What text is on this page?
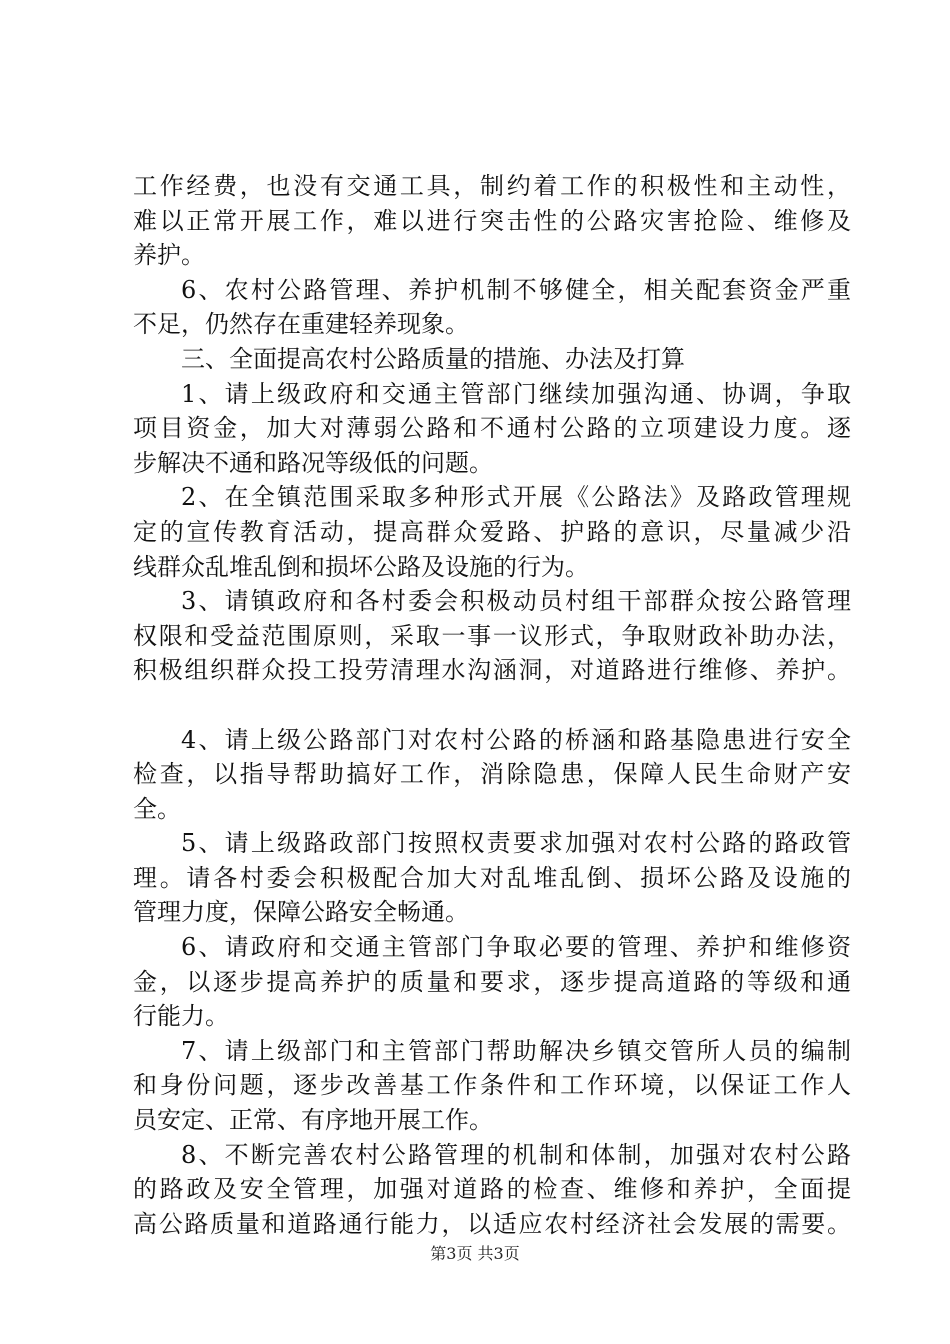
工作经费，也没有交通工具，制约着工作的积极性和主动性，
难以正常开展工作，难以进行突击性的公路灾害抢险、维修及
养护。
6、农村公路管理、养护机制不够健全，相关配套资金严重
不足，仍然存在重建轻养现象。
三、全面提高农村公路质量的措施、办法及打算
1、请上级政府和交通主管部门继续加强沟通、协调，争取
项目资金，加大对薄弱公路和不通村公路的立项建设力度。逐
步解决不通和路况等级低的问题。
2、在全镇范围采取多种形式开展《公路法》及路政管理规
定的宣传教育活动，提高群众爱路、护路的意识，尽量减少沿
线群众乱堆乱倒和损坏公路及设施的行为。
3、请镇政府和各村委会积极动员村组干部群众按公路管理
权限和受益范围原则，采取一事一议形式，争取财政补助办法，
积极组织群众投工投劳清理水沟涵洞，对道路进行维修、养护。
4、请上级公路部门对农村公路的桥涵和路基隐患进行安全
检查，以指导帮助搞好工作，消除隐患，保障人民生命财产安
全。
5、请上级路政部门按照权责要求加强对农村公路的路政管
理。请各村委会积极配合加大对乱堆乱倒、损坏公路及设施的
管理力度，保障公路安全畅通。
6、请政府和交通主管部门争取必要的管理、养护和维修资
金，以逐步提高养护的质量和要求，逐步提高道路的等级和通
行能力。
7、请上级部门和主管部门帮助解决乡镇交管所人员的编制
和身份问题，逐步改善基工作条件和工作环境，以保证工作人
员安定、正常、有序地开展工作。
8、不断完善农村公路管理的机制和体制，加强对农村公路
的路政及安全管理，加强对道路的检查、维修和养护，全面提
高公路质量和道路通行能力，以适应农村经济社会发展的需要。
第3页 共3页
